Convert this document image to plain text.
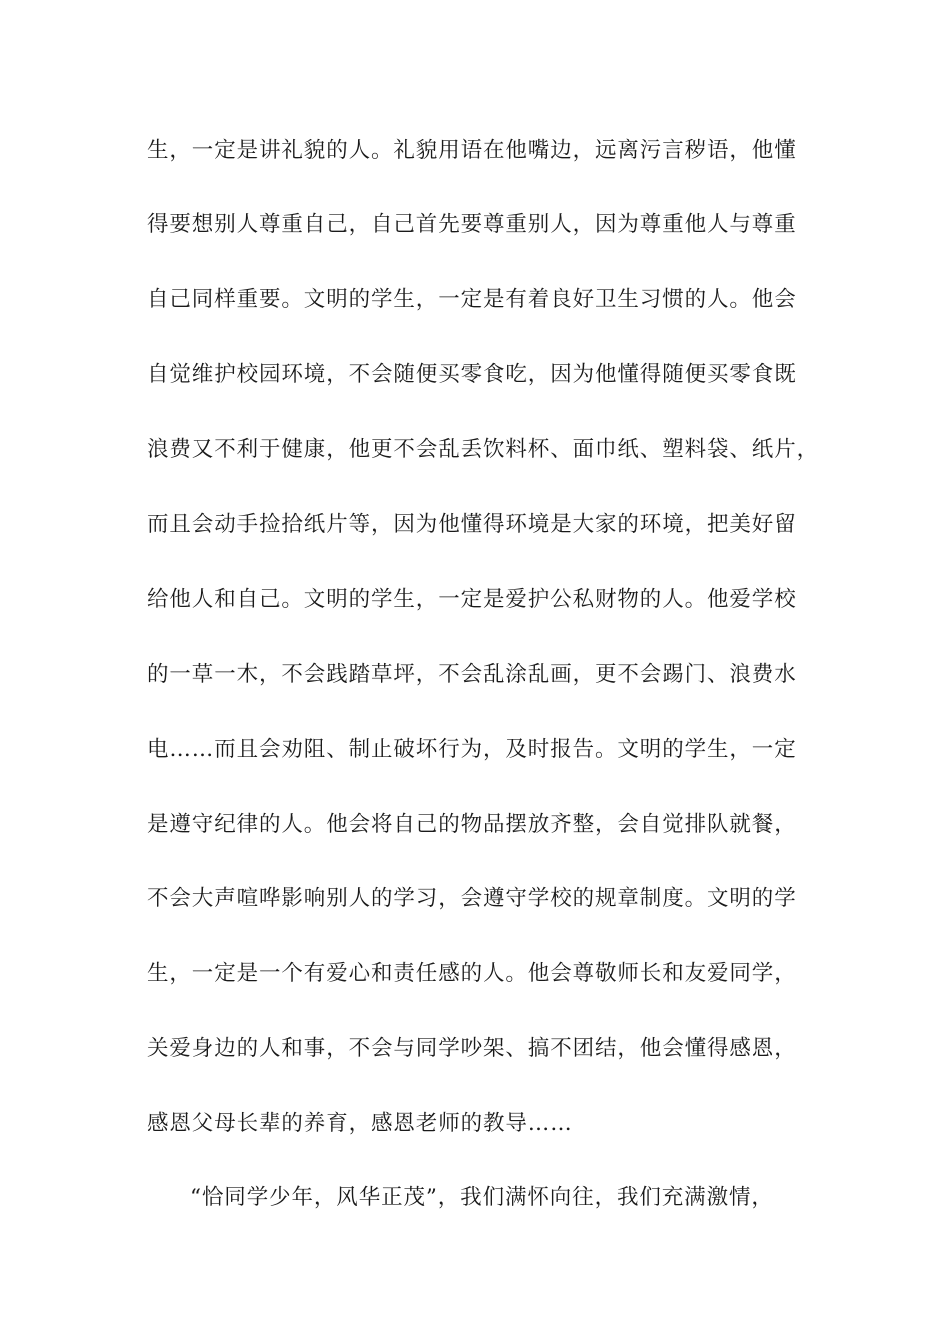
生，一定是讲礼貌的人。礼貌用语在他嘴边，远离污言秽语，他懂
得要想别人尊重自己，自己首先要尊重别人，因为尊重他人与尊重
自己同样重要。文明的学生，一定是有着良好卫生习惯的人。他会
自觉维护校园环境，不会随便买零食吃，因为他懂得随便买零食既
浪费又不利于健康，他更不会乱丢饮料杯、面巾纸、塑料袋、纸片，
而且会动手捡拾纸片等，因为他懂得环境是大家的环境，把美好留
给他人和自己。文明的学生，一定是爱护公私财物的人。他爱学校
的一草一木，不会践踏草坪，不会乱涂乱画，更不会踢门、浪费水
电……而且会劝阻、制止破坏行为，及时报告。文明的学生，一定
是遵守纪律的人。他会将自己的物品摆放齐整，会自觉排队就餐，
不会大声喧哗影响别人的学习，会遵守学校的规章制度。文明的学
生，一定是一个有爱心和责任感的人。他会尊敬师长和友爱同学，
关爱身边的人和事，不会与同学吵架、搞不团结，他会懂得感恩，
感恩父母长辈的养育，感恩老师的教导……
“恰同学少年，风华正茂”，我们满怀向往，我们充满激情，
